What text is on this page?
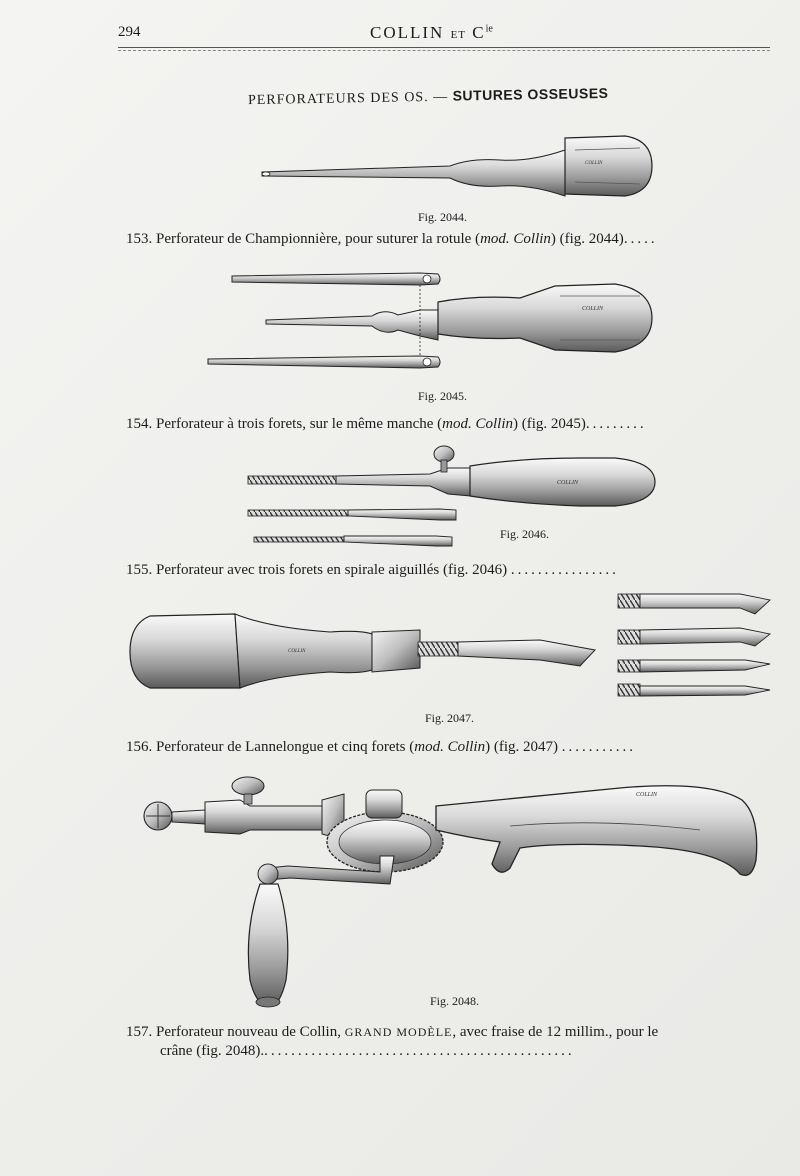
294	COLLIN ET $C^{ie}$
PERFORATEURS DES OS. — SUTURES OSSEUSES
COLLIN
COLLIN
COLLIN
COLLIN
COLLIN
Fig. 2044.
153. Perforateur de Championnière, pour suturer la rotule (mod. Collin) (fig. 2044).....
Fig. 2045.
154. Perforateur à trois forets, sur le même manche (mod. Collin) (fig. 2045).........
Fig. 2046.
155. Perforateur avec trois forets en spirale aiguillés (fig. 2046) ................
Fig. 2047.
156. Perforateur de Lannelongue et cinq forets (mod. Collin) (fig. 2047) ...........
Fig. 2048.
157. Perforateur nouveau de Collin, GRAND MODÈLE, avec fraise de 12 millim., pour le
crâne (fig. 2048)...............................................
